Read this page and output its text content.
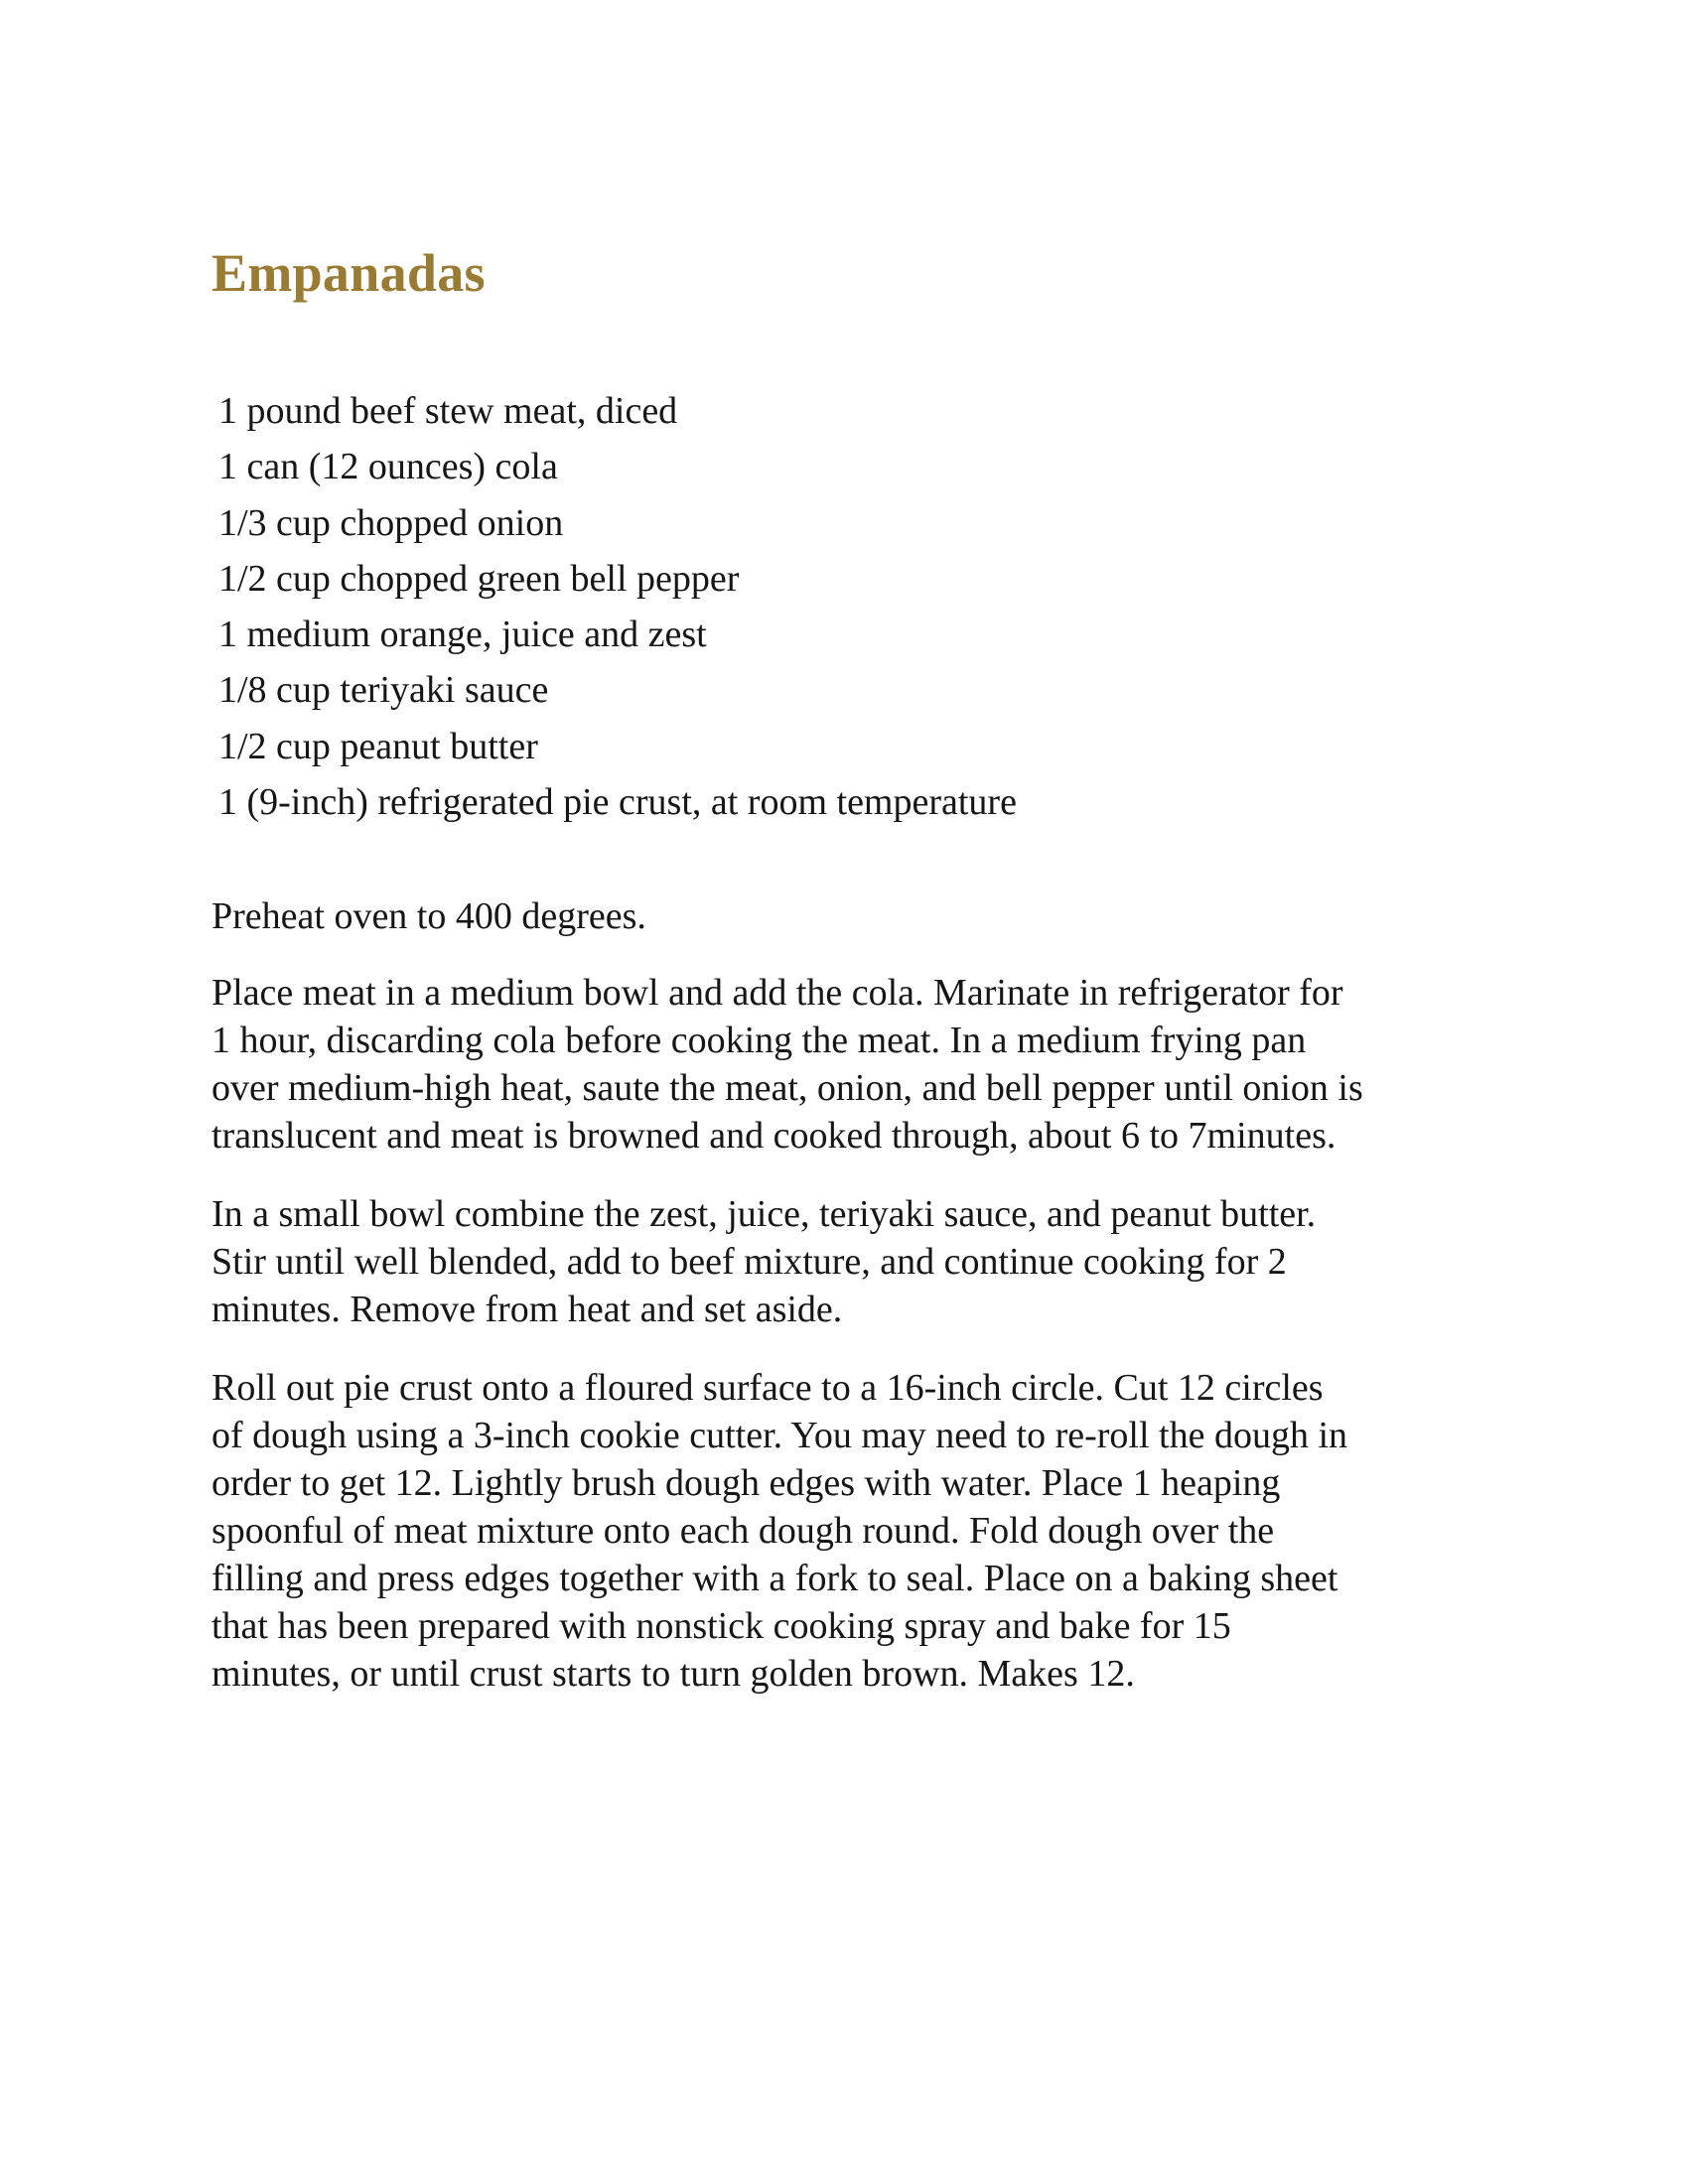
Empanadas
1 pound beef stew meat, diced
1 can (12 ounces) cola
1/3 cup chopped onion
1/2 cup chopped green bell pepper
1 medium orange, juice and zest
1/8 cup teriyaki sauce
1/2 cup peanut butter
1 (9-inch) refrigerated pie crust, at room temperature

Preheat oven to 400 degrees.

Place meat in a medium bowl and add the cola. Marinate in refrigerator for

1 hour, discarding cola before cooking the meat. In a medium frying pan

over medium-high heat, saute the meat, onion, and bell pepper until onion is

translucent and meat is browned and cooked through, about 6 to 7minutes.

In a small bowl combine the zest, juice, teriyaki sauce, and peanut butter.

Stir until well blended, add to beef mixture, and continue cooking for 2

minutes. Remove from heat and set aside.

Roll out pie crust onto a floured surface to a 16-inch circle. Cut 12 circles

of dough using a 3-inch cookie cutter. You may need to re-roll the dough in

order to get 12. Lightly brush dough edges with water. Place 1 heaping

spoonful of meat mixture onto each dough round. Fold dough over the

filling and press edges together with a fork to seal. Place on a baking sheet

that has been prepared with nonstick cooking spray and bake for 15

minutes, or until crust starts to turn golden brown. Makes 12.
